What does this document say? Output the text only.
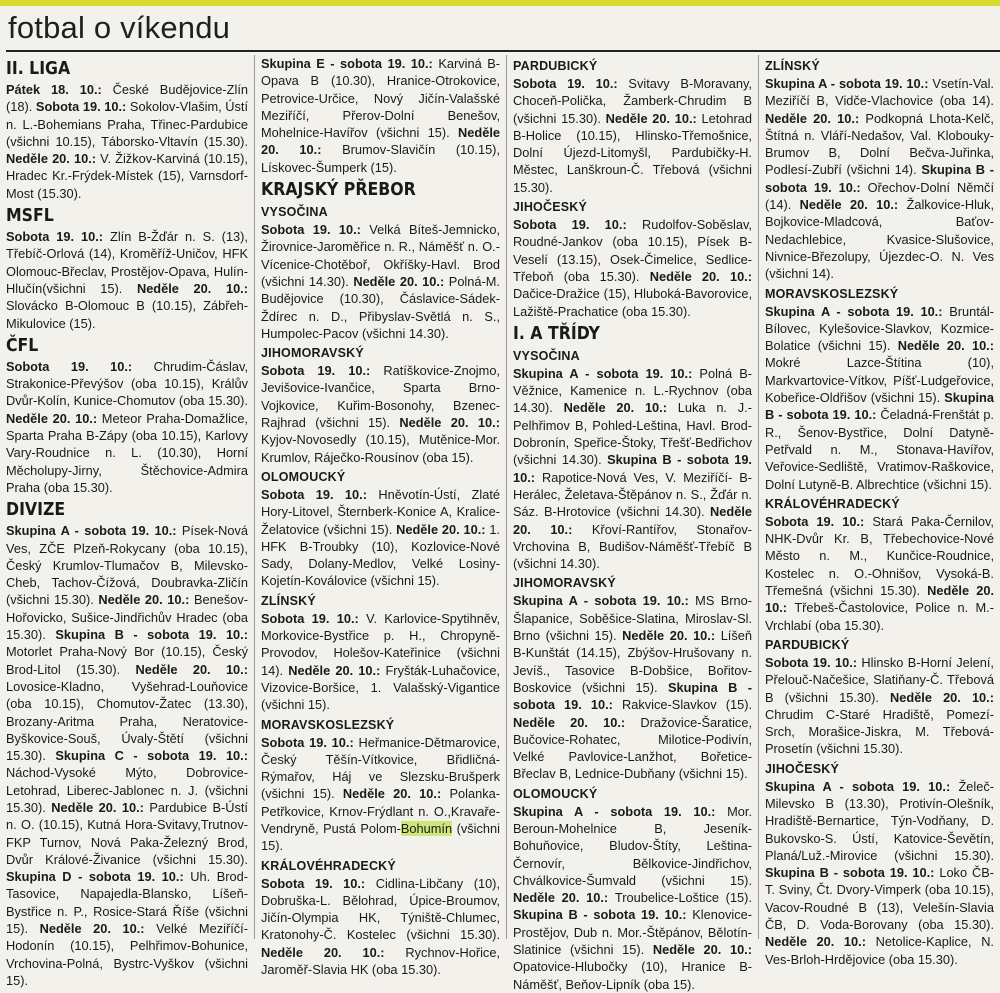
fotbal o víkendu
II. LIGA

Pátek 18. 10.: České Budějovice-Zlín (18). Sobota 19. 10.: Sokolov-Vlašim, Ústí n. L.-Bohemians Praha, Třinec-Pardubice (všichni 10.15), Táborsko-Vltavín (15.30). Neděle 20. 10.: V. Žižkov-Karviná (10.15), Hradec Kr.-Frýdek-Místek (15), Varnsdorf-Most (15.30).

MSFL

Sobota 19. 10.: Zlín B-Žďár n. S. (13), Třebíč-Orlová (14), Kroměříž-Uničov, HFK Olomouc-Břeclav, Prostějov-Opava, Hulín-Hlučín(všichni 15). Neděle 20. 10.: Slovácko B-Olomouc B (10.15), Zábřeh-Mikulovice (15).

ČFL

Sobota 19. 10.: Chrudim-Čáslav, Strakonice-Převýšov (oba 10.15), Králův Dvůr-Kolín, Kunice-Chomutov (oba 15.30). Neděle 20. 10.: Meteor Praha-Domažlice, Sparta Praha B-Zápy (oba 10.15), Karlovy Vary-Roudnice n. L. (10.30), Horní Měcholupy-Jirny, Štěchovice-Admira Praha (oba 15.30).

DIVIZE

Skupina A - sobota 19. 10.: Písek-Nová Ves, ZČE Plzeň-Rokycany (oba 10.15), Český Krumlov-Tlumačov B, Milevsko-Cheb, Tachov-Čížová, Doubravka-Zličín (všichni 15.30). Neděle 20. 10.: Benešov-Hořovicko, Sušice-Jindřichův Hradec (oba 15.30). Skupina B - sobota 19. 10.: Motorlet Praha-Nový Bor (10.15), Český Brod-Litol (15.30). Neděle 20. 10.: Lovosice-Kladno, Vyšehrad-Louňovice (oba 10.15), Chomutov-Žatec (13.30), Brozany-Aritma Praha, Neratovice-Byškovice-Souš, Úvaly-Štětí (všichni 15.30). Skupina C - sobota 19. 10.: Náchod-Vysoké Mýto, Dobrovice-Letohrad, Liberec-Jablonec n. J. (všichni 15.30). Neděle 20. 10.: Pardubice B-Ústí n. O. (10.15), Kutná Hora-Svitavy,Trutnov-FKP Turnov, Nová Paka-Železný Brod, Dvůr Králové-Živanice (všichni 15.30). Skupina D - sobota 19. 10.: Uh. Brod-Tasovice, Napajedla-Blansko, Líšeň-Bystřice n. P., Rosice-Stará Říše (všichni 15). Neděle 20. 10.: Velké Meziříčí-Hodonín (10.15), Pelhřimov-Bohunice, Vrchovina-Polná, Bystrc-Vyškov (všichni 15).

Skupina E - sobota 19. 10.: Karviná B-Opava B (10.30), Hranice-Otrokovice, Petrovice-Určice, Nový Jičín-Valašské Meziříčí, Přerov-Dolní Benešov, Mohelnice-Havířov (všichni 15). Neděle 20. 10.: Brumov-Slavičín (10.15), Lískovec-Šumperk (15).

KRAJSKÝ PŘEBOR
VYSOČINA

Sobota 19. 10.: Velká Bíteš-Jemnicko, Žirovnice-Jaroměřice n. R., Náměšť n. O.-Vícenice-Chotěboř, Okříšky-Havl. Brod (všichni 14.30). Neděle 20. 10.: Polná-M. Budějovice (10.30), Čáslavice-Sádek-Ždírec n. D., Přibyslav-Světlá n. S., Humpolec-Pacov (všichni 14.30).

JIHOMORAVSKÝ

Sobota 19. 10.: Ratíškovice-Znojmo, Jevišovice-Ivančice, Sparta Brno-Vojkovice, Kuřim-Bosonohy, Bzenec-Rajhrad (všichni 15). Neděle 20. 10.: Kyjov-Novosedly (10.15), Mutěnice-Mor. Krumlov, Ráječko-Rousínov (oba 15).

OLOMOUCKÝ

Sobota 19. 10.: Hněvotín-Ústí, Zlaté Hory-Litovel, Šternberk-Konice A, Kralice-Želatovice (všichni 15). Neděle 20. 10.: 1. HFK B-Troubky (10), Kozlovice-Nové Sady, Dolany-Medlov, Velké Losiny-Kojetín-Koválovice (všichni 15).

ZLÍNSKÝ

Sobota 19. 10.: V. Karlovice-Spytihněv, Morkovice-Bystřice p. H., Chropyně-Provodov, Holešov-Kateřinice (všichni 14). Neděle 20. 10.: Fryšták-Luhačovice, Vizovice-Boršice, 1. Valašský-Vigantice (všichni 15).

MORAVSKOSLEZSKÝ

Sobota 19. 10.: Heřmanice-Dětmarovice, Český Těšín-Vítkovice, Břidličná-Rýmařov, Háj ve Slezsku-Brušperk (všichni 15). Neděle 20. 10.: Polanka-Petřkovice, Krnov-Frýdlant n. O.,Kravaře-Vendryně, Pustá Polom-Bohumín (všichni 15).

KRÁLOVÉHRADECKÝ

Sobota 19. 10.: Cidlina-Libčany (10), Dobruška-L. Bělohrad, Úpice-Broumov, Jičín-Olympia HK, Týniště-Chlumec, Kratonohy-Č. Kostelec (všichni 15.30). Neděle 20. 10.: Rychnov-Hořice, Jaroměř-Slavia HK (oba 15.30).

PARDUBICKÝ

Sobota 19. 10.: Svitavy B-Moravany, Choceň-Polička, Žamberk-Chrudim B (všichni 15.30). Neděle 20. 10.: Letohrad B-Holice (10.15), Hlinsko-Třemošnice, Dolní Újezd-Litomyšl, Pardubičky-H. Městec, Lanškroun-Č. Třebová (všichni 15.30).

JIHOČESKÝ

Sobota 19. 10.: Rudolfov-Soběslav, Roudné-Jankov (oba 10.15), Písek B-Veselí (13.15), Osek-Čimelice, Sedlice-Třeboň (oba 15.30). Neděle 20. 10.: Dačice-Dražice (15), Hluboká-Bavorovice, Lažiště-Prachatice (oba 15.30).

I. A TŘÍDY
VYSOČINA

Skupina A - sobota 19. 10.: Polná B-Věžnice, Kamenice n. L.-Rychnov (oba 14.30). Neděle 20. 10.: Luka n. J.-Pelhřimov B, Pohled-Leština, Havl. Brod-Dobronín, Speřice-Štoky, Třešť-Bedřichov (všichni 14.30). Skupina B - sobota 19. 10.: Rapotice-Nová Ves, V. Meziříčí- B-Herálec, Želetava-Štěpánov n. S., Žďár n. Sáz. B-Hrotovice (všichni 14.30). Neděle 20. 10.: Křoví-Rantířov, Stonařov-Vrchovina B, Budišov-Náměšť-Třebíč B (všichni 14.30).

JIHOMORAVSKÝ

Skupina A - sobota 19. 10.: MS Brno-Šlapanice, Soběšice-Slatina, Miroslav-Sl. Brno (všichni 15). Neděle 20. 10.: Líšeň B-Kunštát (14.15), Zbýšov-Hrušovany n. Jevíš., Tasovice B-Dobšice, Bořitov-Boskovice (všichni 15). Skupina B - sobota 19. 10.: Rakvice-Slavkov (15). Neděle 20. 10.: Dražovice-Šaratice, Bučovice-Rohatec, Milotice-Podivín, Velké Pavlovice-Lanžhot, Bořetice-Břeclav B, Lednice-Dubňany (všichni 15).

OLOMOUCKÝ

Skupina A - sobota 19. 10.: Mor. Beroun-Mohelnice B, Jeseník-Bohuňovice, Bludov-Štíty, Leština-Černovír, Bělkovice-Jindřichov, Chválkovice-Šumvald (všichni 15). Neděle 20. 10.: Troubelice-Loštice (15). Skupina B - sobota 19. 10.: Klenovice-Prostějov, Dub n. Mor.-Štěpánov, Bělotín-Slatinice (všichni 15). Neděle 20. 10.: Opatovice-Hlubočky (10), Hranice B-Náměšť, Beňov-Lipník (oba 15).

ZLÍNSKÝ

Skupina A - sobota 19. 10.: Vsetín-Val. Meziříčí B, Vidče-Vlachovice (oba 14). Neděle 20. 10.: Podkopná Lhota-Kelč, Štítná n. Vláří-Nedašov, Val. Klobouky-Brumov B, Dolní Bečva-Juřinka, Podlesí-Zubří (všichni 14). Skupina B - sobota 19. 10.: Ořechov-Dolní Němčí (14). Neděle 20. 10.: Žalkovice-Hluk, Bojkovice-Mladcová, Baťov-Nedachlebice, Kvasice-Slušovice, Nivnice-Březolupy, Újezdec-O. N. Ves (všichni 14).

MORAVSKOSLEZSKÝ

Skupina A - sobota 19. 10.: Bruntál-Bílovec, Kylešovice-Slavkov, Kozmice-Bolatice (všichni 15). Neděle 20. 10.: Mokré Lazce-Štítina (10), Markvartovice-Vítkov, Píšť-Ludgeřovice, Kobeřice-Oldřišov (všichni 15). Skupina B - sobota 19. 10.: Čeladná-Frenštát p. R., Šenov-Bystřice, Dolní Datyně-Petřvald n. M., Stonava-Havířov, Veřovice-Sedliště, Vratimov-Raškovice, Dolní Lutyně-B. Albrechtice (všichni 15).

KRÁLOVÉHRADECKÝ

Sobota 19. 10.: Stará Paka-Černilov, NHK-Dvůr Kr. B, Třebechovice-Nové Město n. M., Kunčice-Roudnice, Kostelec n. O.-Ohnišov, Vysoká-B. Třemešná (všichni 15.30). Neděle 20. 10.: Třebeš-Častolovice, Police n. M.-Vrchlabí (oba 15.30).

PARDUBICKÝ

Sobota 19. 10.: Hlinsko B-Horní Jelení, Přelouč-Načešice, Slatiňany-Č. Třebová B (všichni 15.30). Neděle 20. 10.: Chrudim C-Staré Hradiště, Pomezí-Srch, Morašice-Jiskra, M. Třebová-Prosetín (všichni 15.30).

JIHOČESKÝ

Skupina A - sobota 19. 10.: Želeč-Milevsko B (13.30), Protivín-Olešník, Hradiště-Bernartice, Týn-Vodňany, D. Bukovsko-S. Ústí, Katovice-Ševětín, Planá/Luž.-Mirovice (všichni 15.30). Skupina B - sobota 19. 10.: Loko ČB-T. Sviny, Čt. Dvory-Vimperk (oba 10.15), Vacov-Roudné B (13), Velešín-Slavia ČB, D. Voda-Borovany (oba 15.30). Neděle 20. 10.: Netolice-Kaplice, N. Ves-Brloh-Hrdějovice (oba 15.30).
